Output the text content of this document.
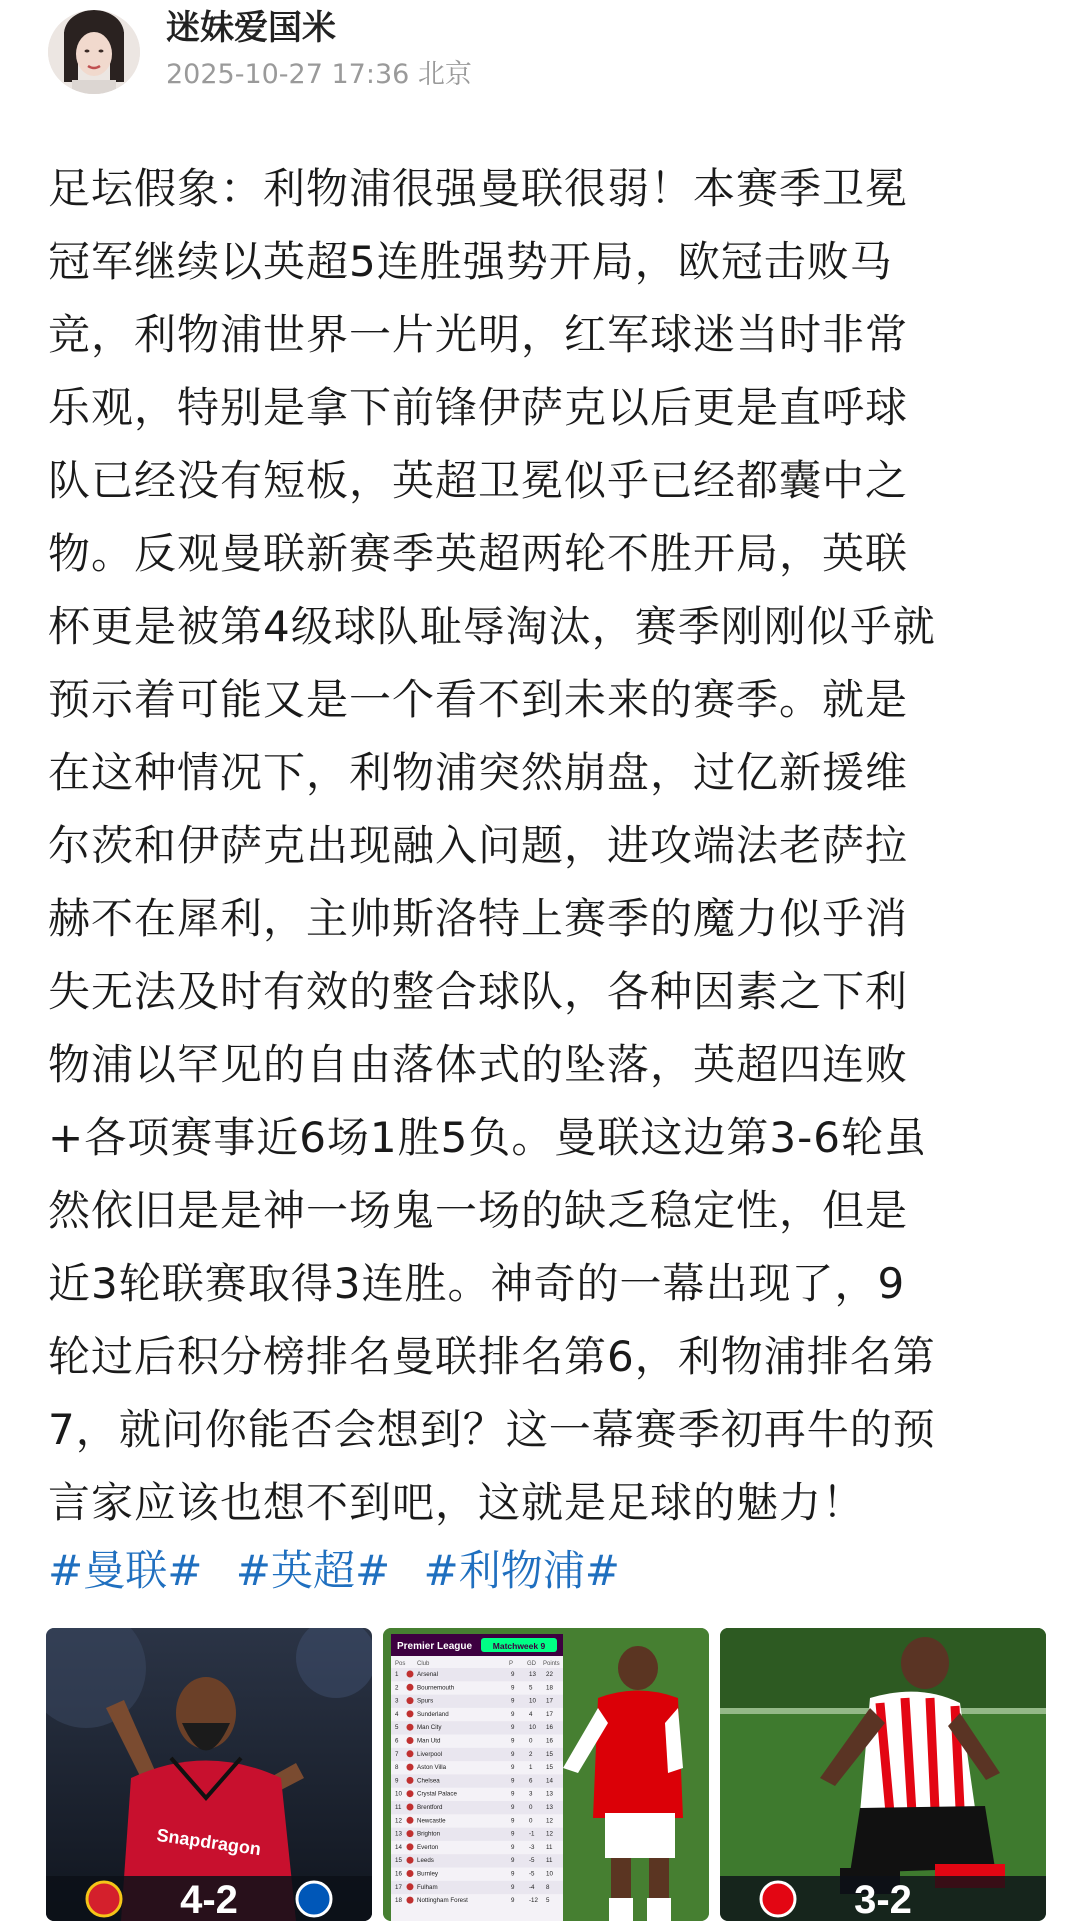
迷妹爱国米
2025-10-27 17:36 北京
足坛假象：利物浦很强曼联很弱！本赛季卫冕
冠军继续以英超5连胜强势开局，欧冠击败马
竞，利物浦世界一片光明，红军球迷当时非常
乐观，特别是拿下前锋伊萨克以后更是直呼球
队已经没有短板，英超卫冕似乎已经都囊中之
物。反观曼联新赛季英超两轮不胜开局，英联
杯更是被第4级球队耻辱淘汰，赛季刚刚似乎就
预示着可能又是一个看不到未来的赛季。就是
在这种情况下，利物浦突然崩盘，过亿新援维
尔茨和伊萨克出现融入问题，进攻端法老萨拉
赫不在犀利，主帅斯洛特上赛季的魔力似乎消
失无法及时有效的整合球队，各种因素之下利
物浦以罕见的自由落体式的坠落，英超四连败
+各项赛事近6场1胜5负。曼联这边第3-6轮虽
然依旧是是神一场鬼一场的缺乏稳定性，但是
近3轮联赛取得3连胜。神奇的一幕出现了，9
轮过后积分榜排名曼联排名第6，利物浦排名第
7，就问你能否会想到？这一幕赛季初再牛的预
言家应该也想不到吧，这就是足球的魅力！
#曼联# #英超# #利物浦#
Snapdragon
4-2
Premier League Matchweek 9
Pos Club	P GD Points
1	Arsenal	9 13 22
2	Bournemouth	9 5 18
3	Spurs	9 10 17
4	Sunderland	9 4 17
5	Man City	9 10 16
6	Man Utd	9 0 16
7	Liverpool	9 2 15
8	Aston Villa	9 1 15
9	Chelsea	9 6 14
10 Crystal Palace	9 3 13
11	Brentford	9 0 13
12 Newcastle	9 0 12
13 Brighton	9 -1 12
14 Everton	9 -3 11
15 Leeds	9 -5 11
16 Burnley	9 -5 10
17 Fulham	9 -4 8
18 Nottingham Forest	9 -12 5	3-2
